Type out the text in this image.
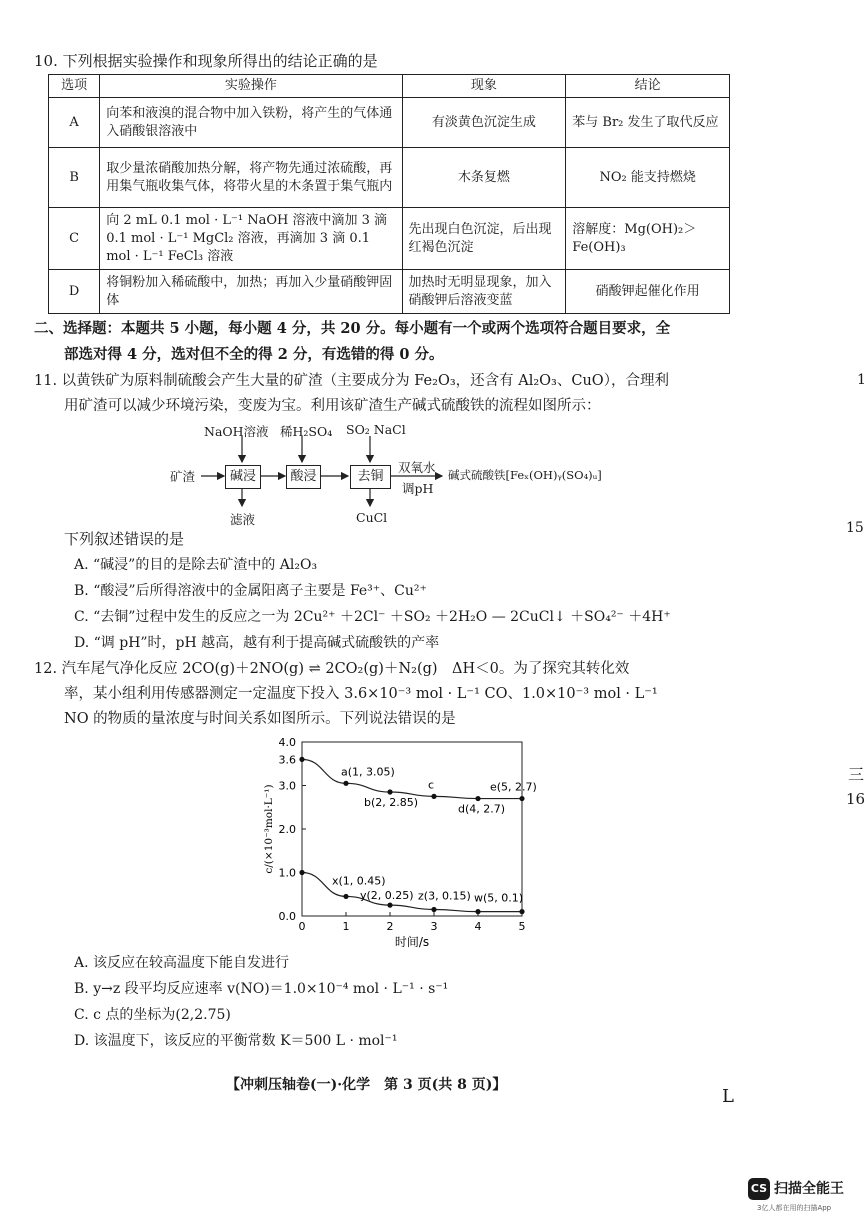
10. 下列根据实验操作和现象所得出的结论正确的是
选项	实验操作	现象	结论
A	向苯和液溴的混合物中加入铁粉，将产生的气体通入硝酸银溶液中	有淡黄色沉淀生成	苯与 Br₂ 发生了取代反应
B	取少量浓硝酸加热分解，将产物先通过浓硫酸，再用集气瓶收集气体，将带火星的木条置于集气瓶内	木条复燃	NO₂ 能支持燃烧
C	向 2 mL 0.1 mol · L⁻¹ NaOH 溶液中滴加 3 滴 0.1 mol · L⁻¹ MgCl₂ 溶液，再滴加 3 滴 0.1 mol · L⁻¹ FeCl₃ 溶液	先出现白色沉淀，后出现红褐色沉淀	溶解度：Mg(OH)₂＞Fe(OH)₃
D	将铜粉加入稀硫酸中，加热；再加入少量硝酸钾固体	加热时无明显现象，加入硝酸钾后溶液变蓝	硝酸钾起催化作用
二、选择题：本题共 5 小题，每小题 4 分，共 20 分。每小题有一个或两个选项符合题目要求，全
部选对得 4 分，选对但不全的得 2 分，有选错的得 0 分。
11. 以黄铁矿为原料制硫酸会产生大量的矿渣（主要成分为 Fe₂O₃，还含有 Al₂O₃、CuO），合理利
用矿渣可以减少环境污染，变废为宝。利用该矿渣生产碱式硫酸铁的流程如图所示：
NaOH溶液 稀H₂SO₄ SO₂ NaCl
矿渣	碱浸	酸浸	去铜
双氧水
调pH
碱式硫酸铁[Feₓ(OH)ᵧ(SO₄)ᵤ]
滤液	CuCl
下列叙述错误的是
A. “碱浸”的目的是除去矿渣中的 Al₂O₃
B. “酸浸”后所得溶液中的金属阳离子主要是 Fe³⁺、Cu²⁺
C. “去铜”过程中发生的反应之一为 2Cu²⁺ ＋2Cl⁻ ＋SO₂ ＋2H₂O — 2CuCl↓ ＋SO₄²⁻ ＋4H⁺
D. “调 pH”时，pH 越高，越有利于提高碱式硫酸铁的产率
12. 汽车尾气净化反应 2CO(g)＋2NO(g) ⇌ 2CO₂(g)＋N₂(g)　ΔH＜0。为了探究其转化效
率，某小组利用传感器测定一定温度下投入 3.6×10⁻³ mol · L⁻¹ CO、1.0×10⁻³ mol · L⁻¹
NO 的物质的量浓度与时间关系如图所示。下列说法错误的是
0.0
1.0
2.0
3.0
4.0
0	1	2	3	4	5
3.6
时间/s
c/(×10⁻³mol·L⁻¹)
a(1, 3.05)
b(2, 2.85)
c
d(4, 2.7)
e(5, 2.7)
x(1, 0.45)
y(2, 0.25) z(3, 0.15) w(5, 0.1)
A. 该反应在较高温度下能自发进行
B. y→z 段平均反应速率 v(NO)＝1.0×10⁻⁴ mol · L⁻¹ · s⁻¹
C. c 点的坐标为(2,2.75)
D. 该温度下，该反应的平衡常数 K＝500 L · mol⁻¹
【冲刺压轴卷(一)·化学　第 3 页(共 8 页)】
1
15
三
16
L
CS 扫描全能王
3亿人都在用的扫描App
